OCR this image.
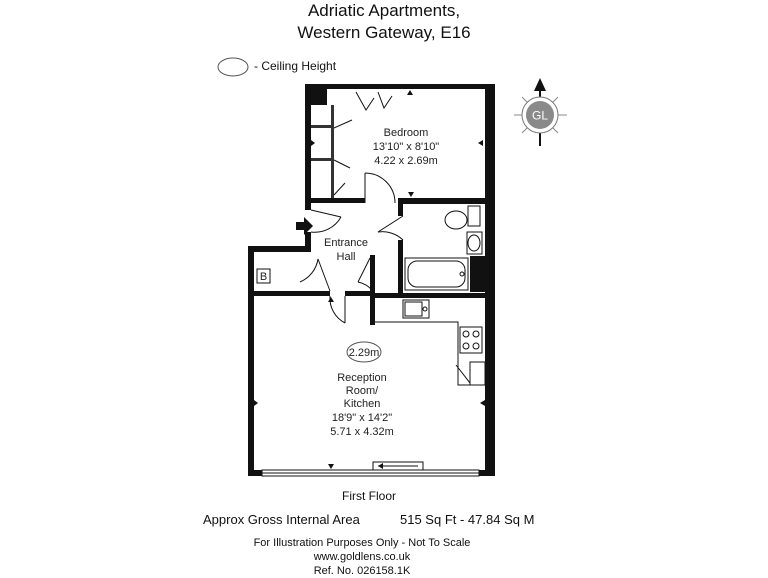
Adriatic Apartments,
Western Gateway, E16
- Ceiling Height
GL
B
2.29m
Bedroom
13'10" x 8'10"
4.22 x 2.69m
Entrance
Hall
Reception
Room/
Kitchen
18'9" x 14'2"
5.71 x 4.32m
First Floor
Approx Gross Internal Area	515 Sq Ft - 47.84 Sq M
For Illustration Purposes Only - Not To Scale
www.goldlens.co.uk
Ref. No. 026158.1K
